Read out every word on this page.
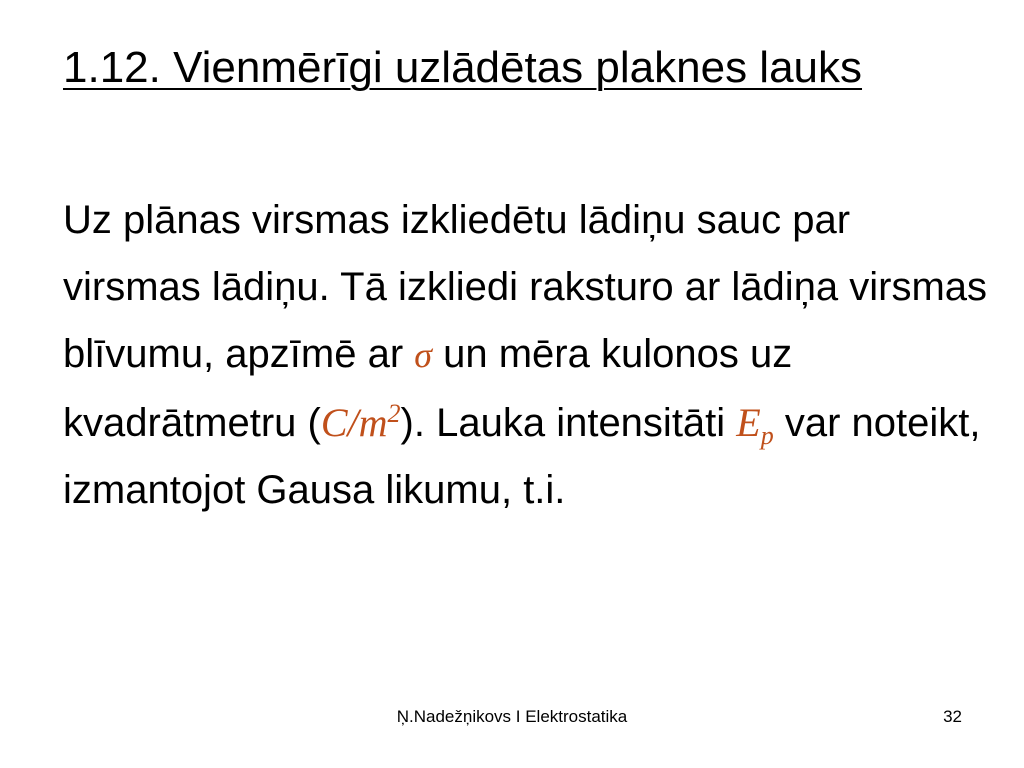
1.12. Vienmērīgi uzlādētas plaknes lauks

Uz plānas virsmas izkliedētu lādiņu sauc par virsmas lādiņu. Tā izkliedi raksturo ar lādiņa virsmas blīvumu, apzīmē ar σ un mēra kulonos uz kvadrātmetru $(C/m^2)$. Lauka intensitāti $E_p$ var noteikt, izmantojot Gausa likumu, t.i.

Ņ.Nadežņikovs I Elektrostatika	32
